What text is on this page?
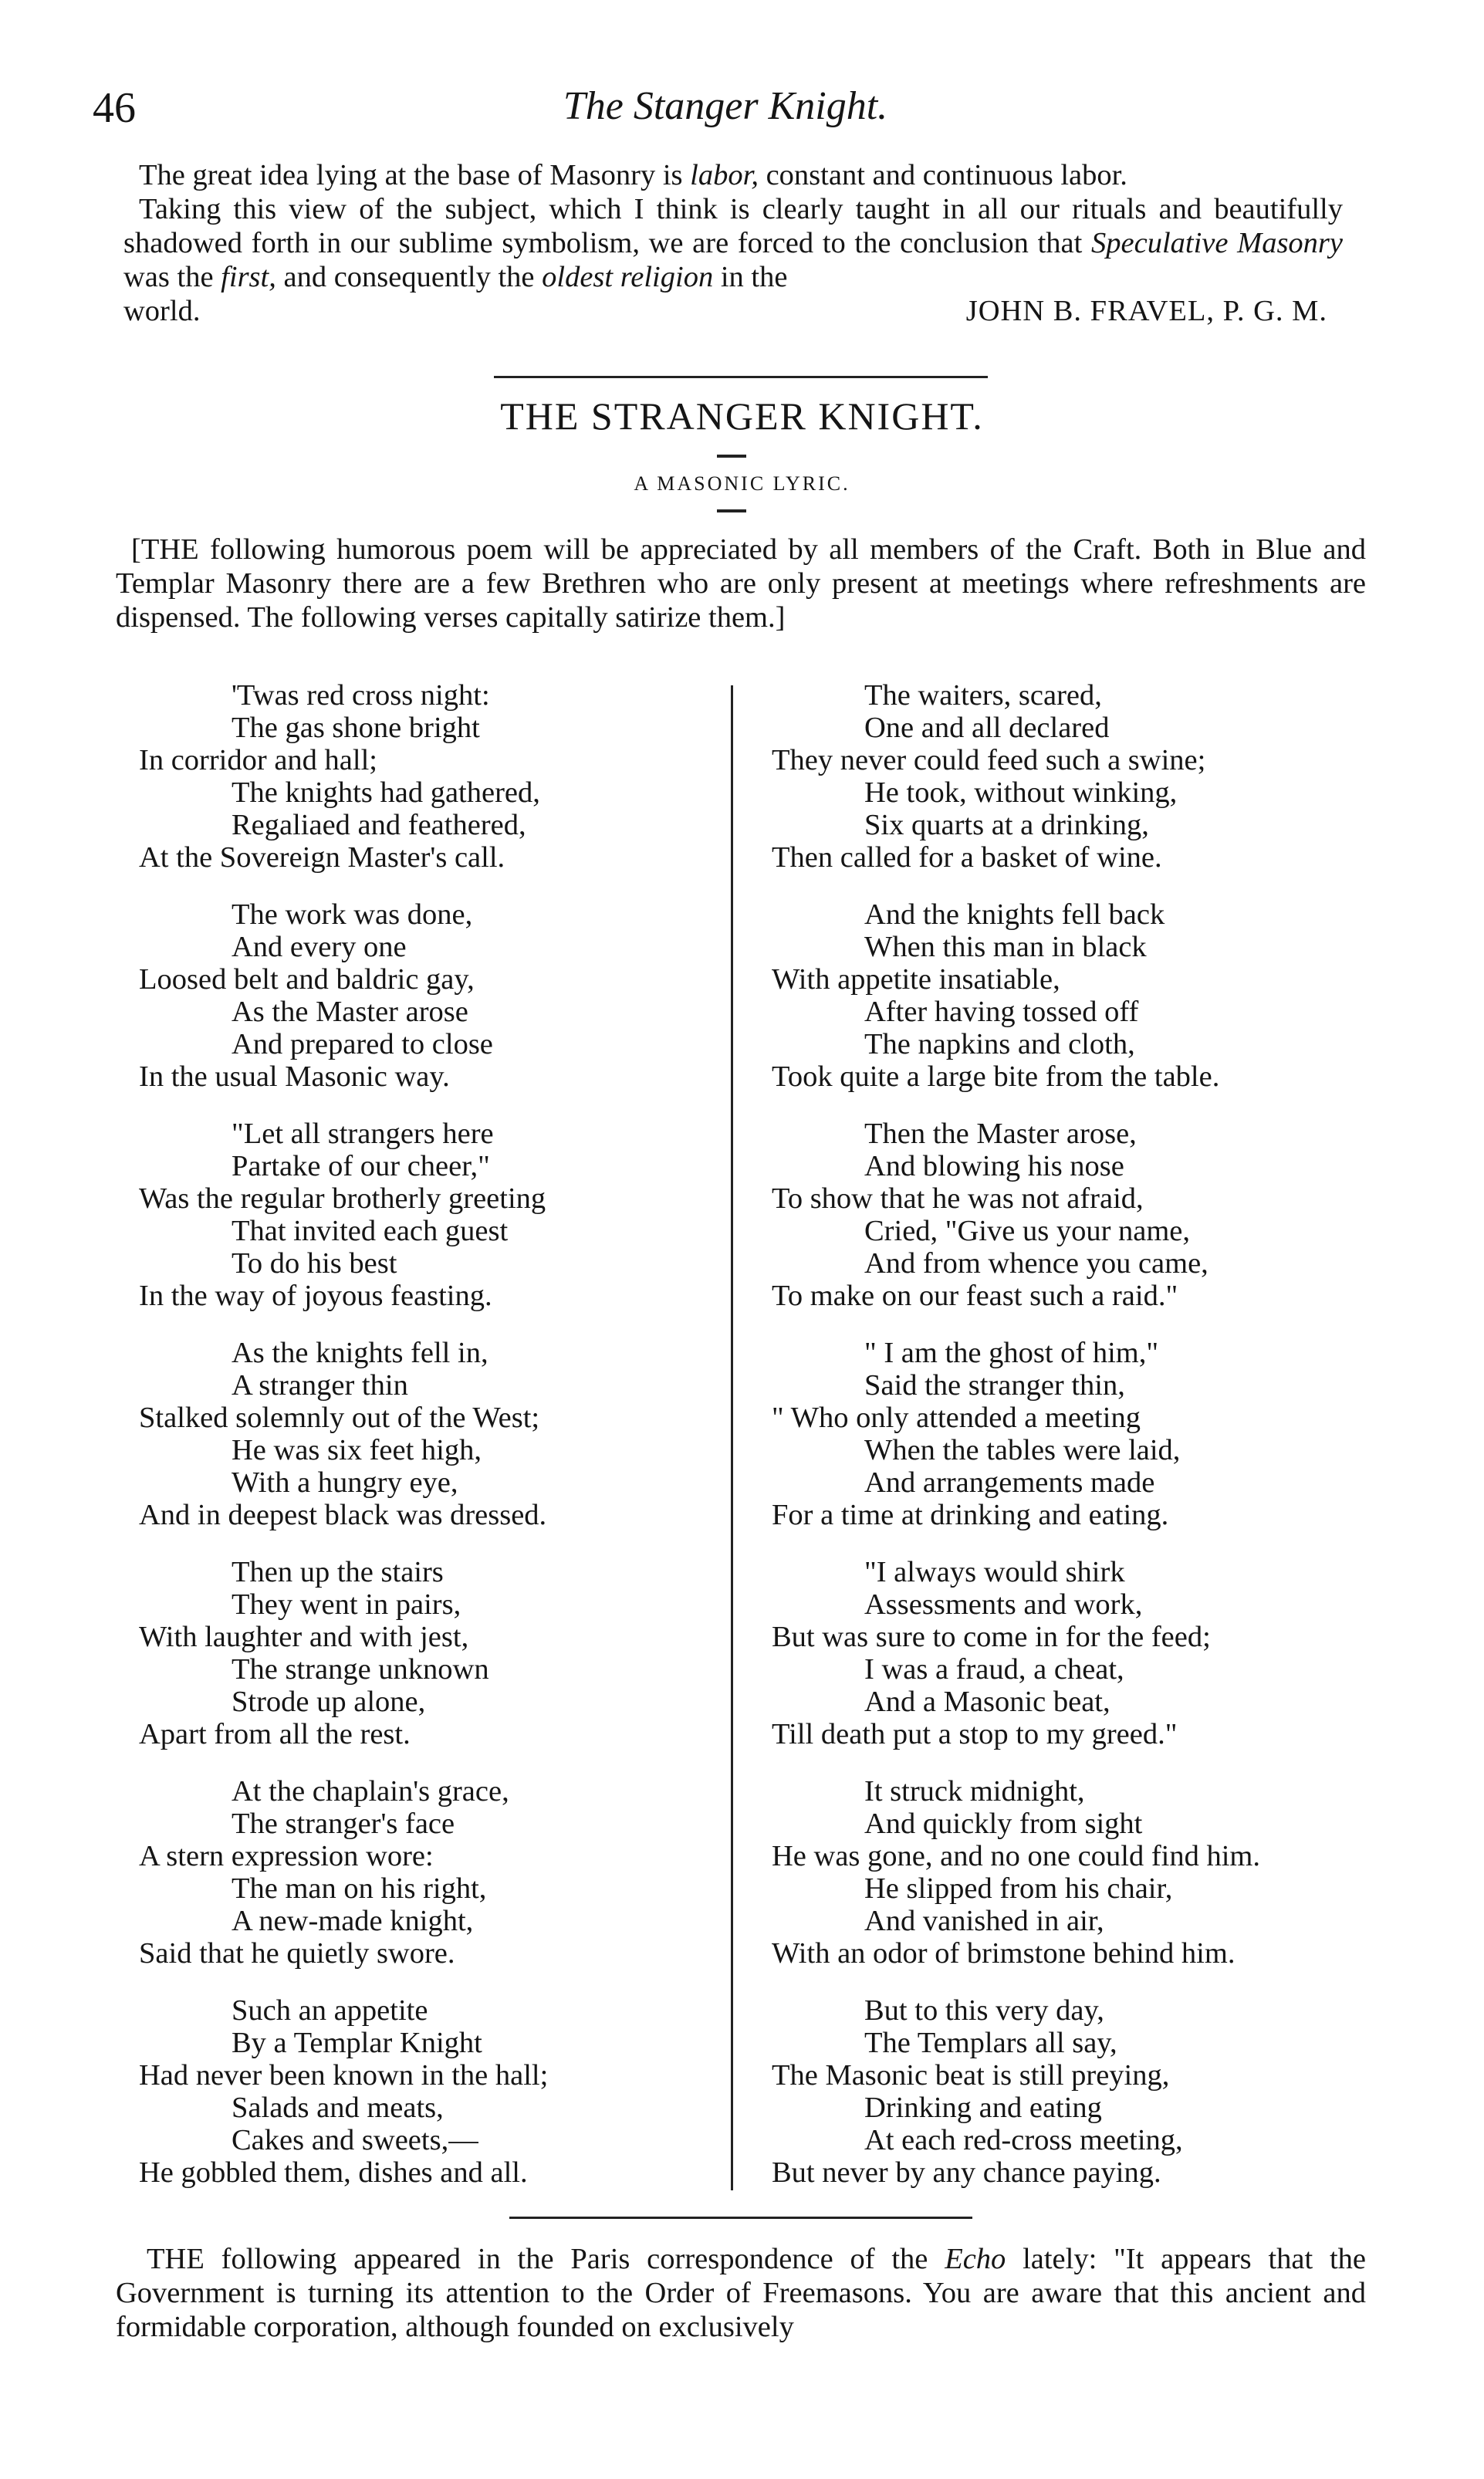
46	The Stanger Knight.

The great idea lying at the base of Masonry is labor, constant and continuous labor.

Taking this view of the subject, which I think is clearly taught in all our rituals and beautifully shadowed forth in our sublime symbolism, we are forced to the conclusion that Speculative Masonry was the first, and consequently the oldest religion in the

world.	JOHN B. FRAVEL, P. G. M.
THE STRANGER KNIGHT.
A MASONIC LYRIC.

[THE following humorous poem will be appreciated by all members of the Craft. Both in Blue and Templar Masonry there are a few Brethren who are only present at meetings where refreshments are dispensed. The following verses capitally satirize them.]

'Twas red cross night:
The gas shone bright
In corridor and hall;
The knights had gathered,
Regaliaed and feathered,
At the Sovereign Master's call.
The work was done,
And every one
Loosed belt and baldric gay,
As the Master arose
And prepared to close
In the usual Masonic way.
"Let all strangers here
Partake of our cheer,"
Was the regular brotherly greeting
That invited each guest
To do his best
In the way of joyous feasting.
As the knights fell in,
A stranger thin
Stalked solemnly out of the West;
He was six feet high,
With a hungry eye,
And in deepest black was dressed.
Then up the stairs
They went in pairs,
With laughter and with jest,
The strange unknown
Strode up alone,
Apart from all the rest.
At the chaplain's grace,
The stranger's face
A stern expression wore:
The man on his right,
A new-made knight,
Said that he quietly swore.
Such an appetite
By a Templar Knight
Had never been known in the hall;
Salads and meats,
Cakes and sweets,—
He gobbled them, dishes and all.
The waiters, scared,
One and all declared
They never could feed such a swine;
He took, without winking,
Six quarts at a drinking,
Then called for a basket of wine.
And the knights fell back
When this man in black
With appetite insatiable,
After having tossed off
The napkins and cloth,
Took quite a large bite from the table.
Then the Master arose,
And blowing his nose
To show that he was not afraid,
Cried, "Give us your name,
And from whence you came,
To make on our feast such a raid."
" I am the ghost of him,"
Said the stranger thin,
" Who only attended a meeting
When the tables were laid,
And arrangements made
For a time at drinking and eating.
"I always would shirk
Assessments and work,
But was sure to come in for the feed;
I was a fraud, a cheat,
And a Masonic beat,
Till death put a stop to my greed."
It struck midnight,
And quickly from sight
He was gone, and no one could find him.
He slipped from his chair,
And vanished in air,
With an odor of brimstone behind him.
But to this very day,
The Templars all say,
The Masonic beat is still preying,
Drinking and eating
At each red-cross meeting,
But never by any chance paying.

THE following appeared in the Paris correspondence of the Echo lately: "It appears that the Government is turning its attention to the Order of Freemasons. You are aware that this ancient and formidable corporation, although founded on exclusively
